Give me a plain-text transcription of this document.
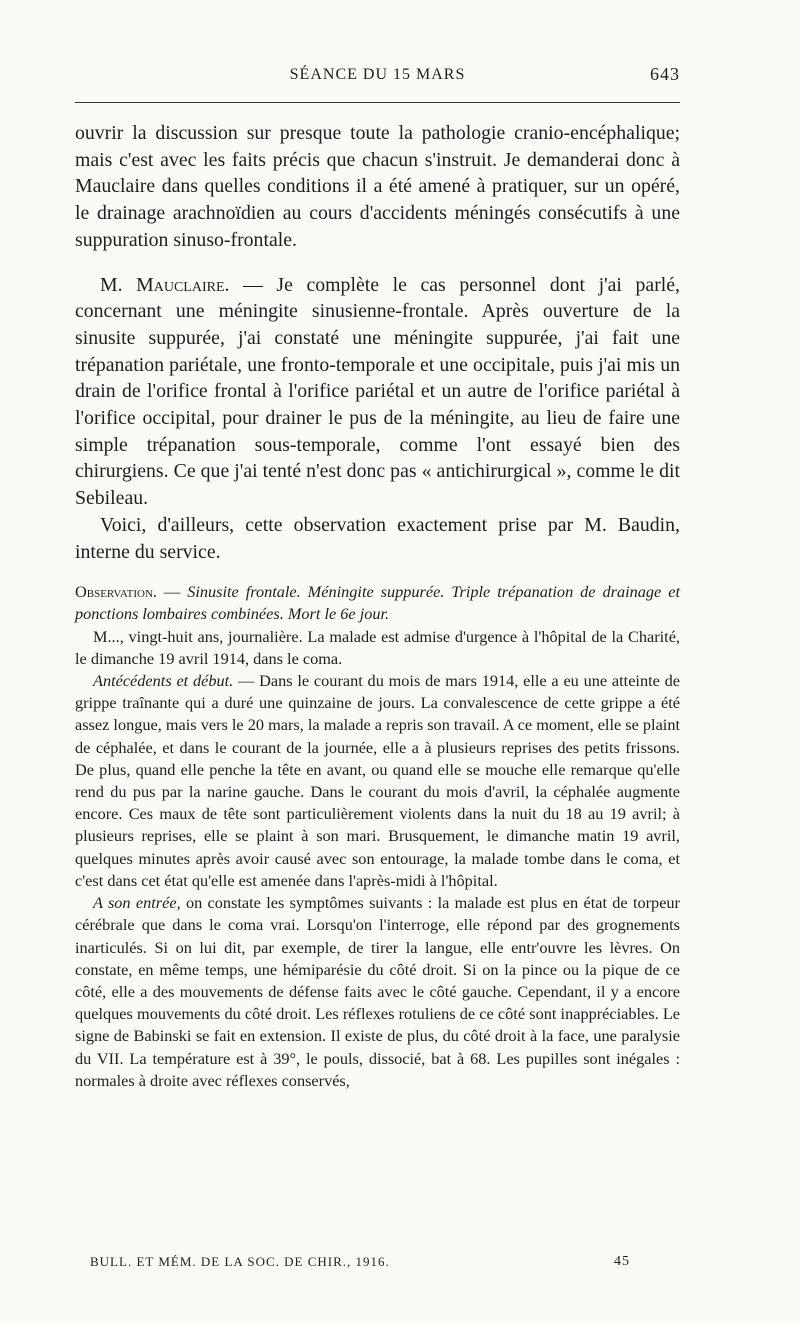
SÉANCE DU 15 MARS	643

ouvrir la discussion sur presque toute la pathologie cranio-encéphalique; mais c'est avec les faits précis que chacun s'instruit. Je demanderai donc à Mauclaire dans quelles conditions il a été amené à pratiquer, sur un opéré, le drainage arachnoïdien au cours d'accidents méningés consécutifs à une suppuration sinuso-frontale.

M. Mauclaire. — Je complète le cas personnel dont j'ai parlé, concernant une méningite sinusienne-frontale. Après ouverture de la sinusite suppurée, j'ai constaté une méningite suppurée, j'ai fait une trépanation pariétale, une fronto-temporale et une occipitale, puis j'ai mis un drain de l'orifice frontal à l'orifice pariétal et un autre de l'orifice pariétal à l'orifice occipital, pour drainer le pus de la méningite, au lieu de faire une simple trépanation sous-temporale, comme l'ont essayé bien des chirurgiens. Ce que j'ai tenté n'est donc pas « antichirurgical », comme le dit Sebileau.

Voici, d'ailleurs, cette observation exactement prise par M. Baudin, interne du service.

Observation. — Sinusite frontale. Méningite suppurée. Triple trépanation de drainage et ponctions lombaires combinées. Mort le 6e jour.

M..., vingt-huit ans, journalière. La malade est admise d'urgence à l'hôpital de la Charité, le dimanche 19 avril 1914, dans le coma.

Antécédents et début. — Dans le courant du mois de mars 1914, elle a eu une atteinte de grippe traînante qui a duré une quinzaine de jours. La convalescence de cette grippe a été assez longue, mais vers le 20 mars, la malade a repris son travail. A ce moment, elle se plaint de céphalée, et dans le courant de la journée, elle a à plusieurs reprises des petits frissons. De plus, quand elle penche la tête en avant, ou quand elle se mouche elle remarque qu'elle rend du pus par la narine gauche. Dans le courant du mois d'avril, la céphalée augmente encore. Ces maux de tête sont particulièrement violents dans la nuit du 18 au 19 avril; à plusieurs reprises, elle se plaint à son mari. Brusquement, le dimanche matin 19 avril, quelques minutes après avoir causé avec son entourage, la malade tombe dans le coma, et c'est dans cet état qu'elle est amenée dans l'après-midi à l'hôpital.

A son entrée, on constate les symptômes suivants : la malade est plus en état de torpeur cérébrale que dans le coma vrai. Lorsqu'on l'interroge, elle répond par des grognements inarticulés. Si on lui dit, par exemple, de tirer la langue, elle entr'ouvre les lèvres. On constate, en même temps, une hémiparésie du côté droit. Si on la pince ou la pique de ce côté, elle a des mouvements de défense faits avec le côté gauche. Cependant, il y a encore quelques mouvements du côté droit. Les réflexes rotuliens de ce côté sont inappréciables. Le signe de Babinski se fait en extension. Il existe de plus, du côté droit à la face, une paralysie du VII. La température est à 39°, le pouls, dissocié, bat à 68. Les pupilles sont inégales : normales à droite avec réflexes conservés,

BULL. ET MÉM. DE LA SOC. DE CHIR., 1916.	45
